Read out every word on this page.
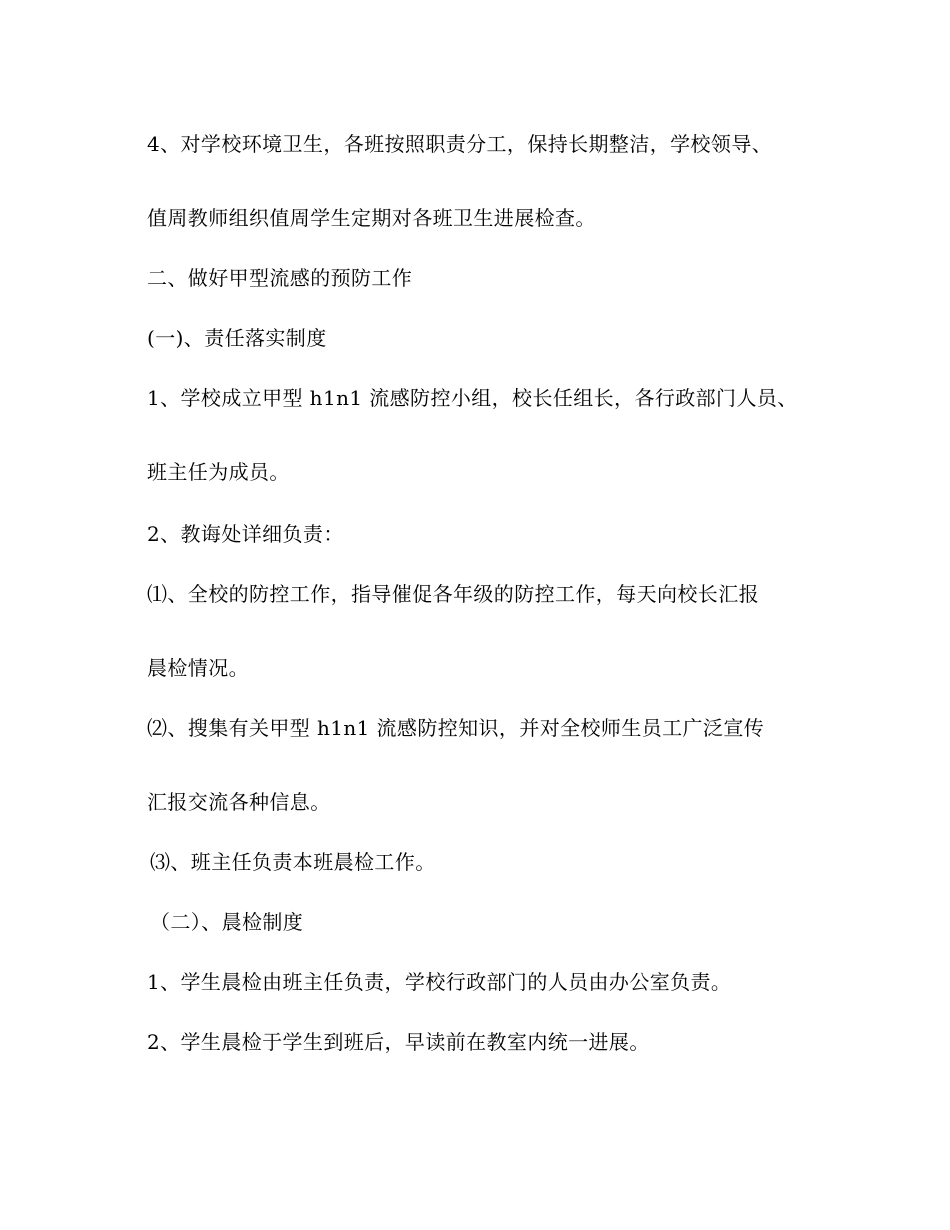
4、对学校环境卫生，各班按照职责分工，保持长期整洁，学校领导、
值周教师组织值周学生定期对各班卫生进展检查。
二、做好甲型流感的预防工作
(一)、责任落实制度
1、学校成立甲型 h1n1 流感防控小组，校长任组长，各行政部门人员、
班主任为成员。
2、教诲处详细负责：
⑴、全校的防控工作，指导催促各年级的防控工作，每天向校长汇报
晨检情况。
⑵、搜集有关甲型 h1n1 流感防控知识，并对全校师生员工广泛宣传
汇报交流各种信息。
⑶、班主任负责本班晨检工作。
（二）、晨检制度
1、学生晨检由班主任负责，学校行政部门的人员由办公室负责。
2、学生晨检于学生到班后，早读前在教室内统一进展。
